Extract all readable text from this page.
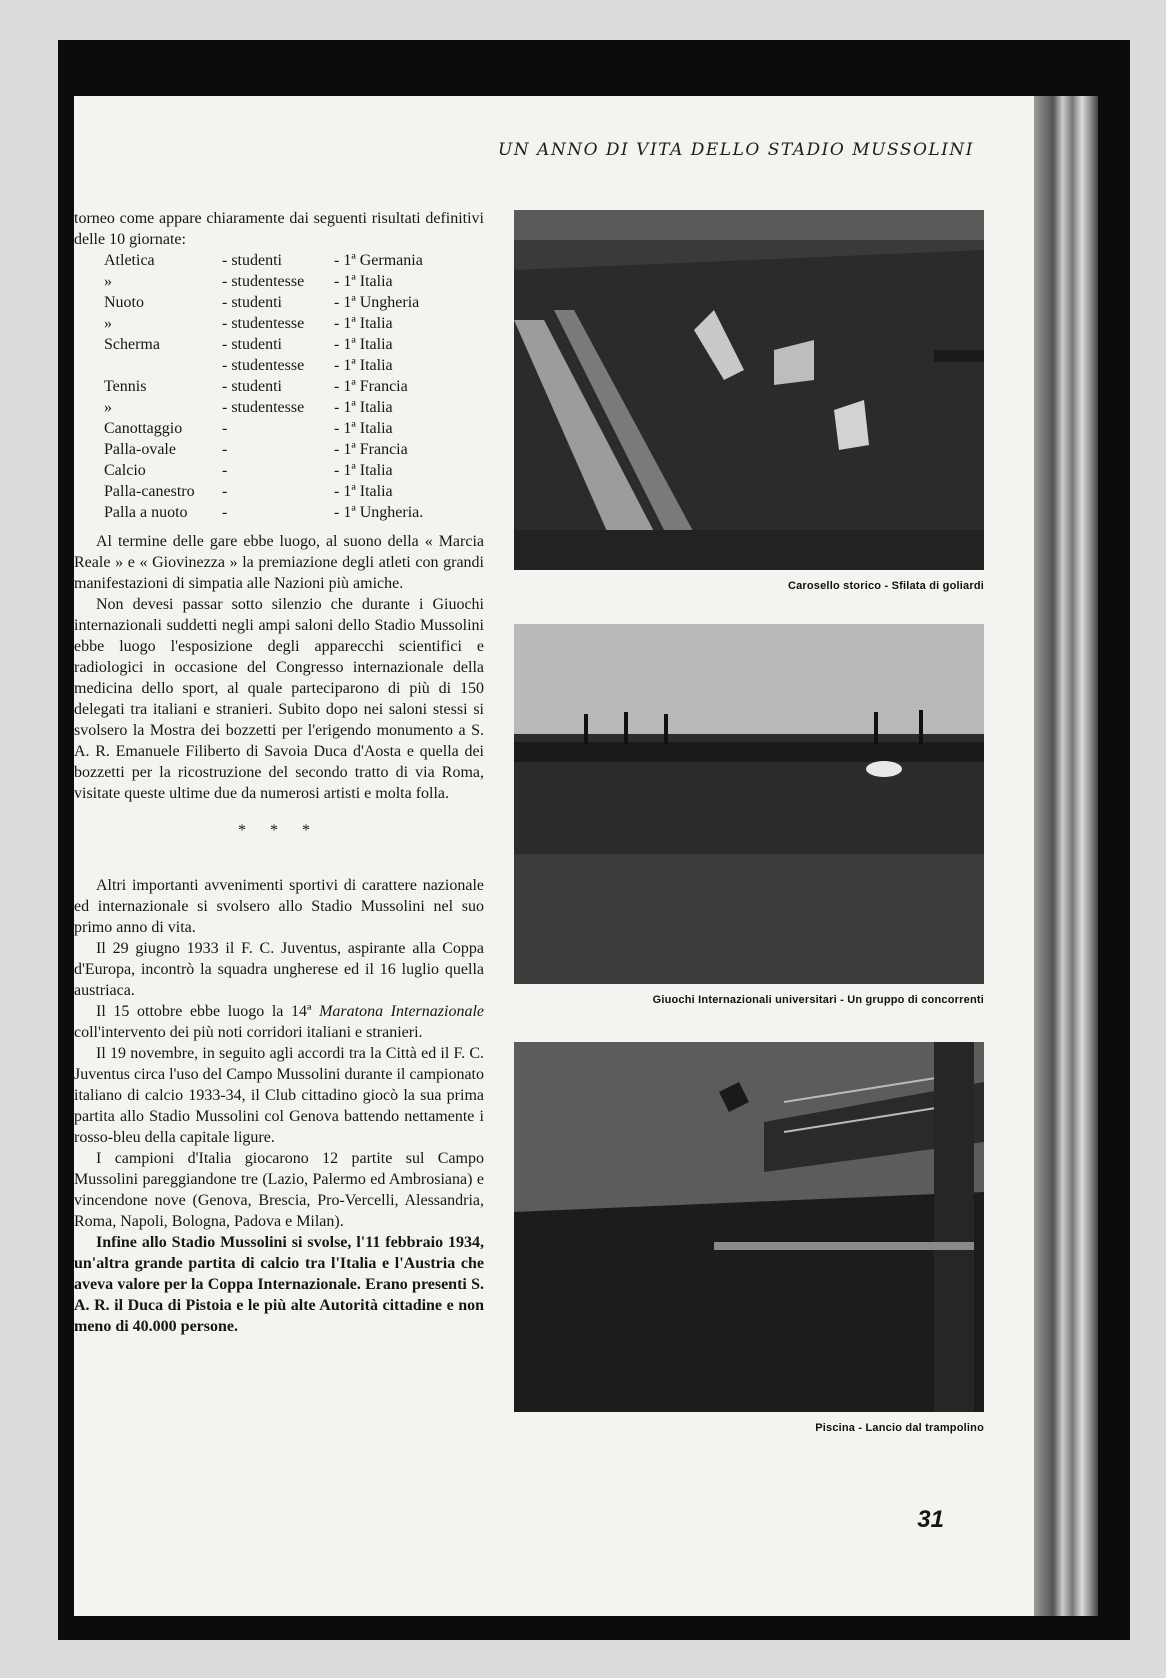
UN ANNO DI VITA DELLO STADIO MUSSOLINI

torneo come appare chiaramente dai seguenti risultati definitivi delle 10 giornate:

Atletica	- studenti	- 1ª Germania
»	- studentesse	- 1ª Italia
Nuoto	- studenti	- 1ª Ungheria
»	- studentesse	- 1ª Italia
Scherma	- studenti	- 1ª Italia
	- studentesse	- 1ª Italia
Tennis	- studenti	- 1ª Francia
»	- studentesse	- 1ª Italia
Canottaggio	-	- 1ª Italia
Palla-ovale	-	- 1ª Francia
Calcio	-	- 1ª Italia
Palla-canestro	-	- 1ª Italia
Palla a nuoto	-	- 1ª Ungheria.

Al termine delle gare ebbe luogo, al suono della « Marcia Reale » e « Giovinezza » la premiazione degli atleti con grandi manifestazioni di simpatia alle Nazioni più amiche.

Non devesi passar sotto silenzio che durante i Giuochi internazionali suddetti negli ampi saloni dello Stadio Mussolini ebbe luogo l'esposizione degli apparecchi scientifici e radiologici in occasione del Congresso internazionale della medicina dello sport, al quale parteciparono di più di 150 delegati tra italiani e stranieri. Subito dopo nei saloni stessi si svolsero la Mostra dei bozzetti per l'erigendo monumento a S. A. R. Emanuele Filiberto di Savoia Duca d'Aosta e quella dei bozzetti per la ricostruzione del secondo tratto di via Roma, visitate queste ultime due da numerosi artisti e molta folla.

* * *

Altri importanti avvenimenti sportivi di carattere nazionale ed internazionale si svolsero allo Stadio Mussolini nel suo primo anno di vita.

Il 29 giugno 1933 il F. C. Juventus, aspirante alla Coppa d'Europa, incontrò la squadra ungherese ed il 16 luglio quella austriaca.

Il 15 ottobre ebbe luogo la 14ª Maratona Internazionale coll'intervento dei più noti corridori italiani e stranieri.

Il 19 novembre, in seguito agli accordi tra la Città ed il F. C. Juventus circa l'uso del Campo Mussolini durante il campionato italiano di calcio 1933-34, il Club cittadino giocò la sua prima partita allo Stadio Mussolini col Genova battendo nettamente i rosso-bleu della capitale ligure.

I campioni d'Italia giocarono 12 partite sul Campo Mussolini pareggiandone tre (Lazio, Palermo ed Ambrosiana) e vincendone nove (Genova, Brescia, Pro-Vercelli, Alessandria, Roma, Napoli, Bologna, Padova e Milan).

Infine allo Stadio Mussolini si svolse, l'11 febbraio 1934, un'altra grande partita di calcio tra l'Italia e l'Austria che aveva valore per la Coppa Internazionale. Erano presenti S. A. R. il Duca di Pistoia e le più alte Autorità cittadine e non meno di 40.000 persone.

Carosello storico - Sfilata di goliardi
Giuochi Internazionali universitari - Un gruppo di concorrenti
Piscina - Lancio dal trampolino
31
